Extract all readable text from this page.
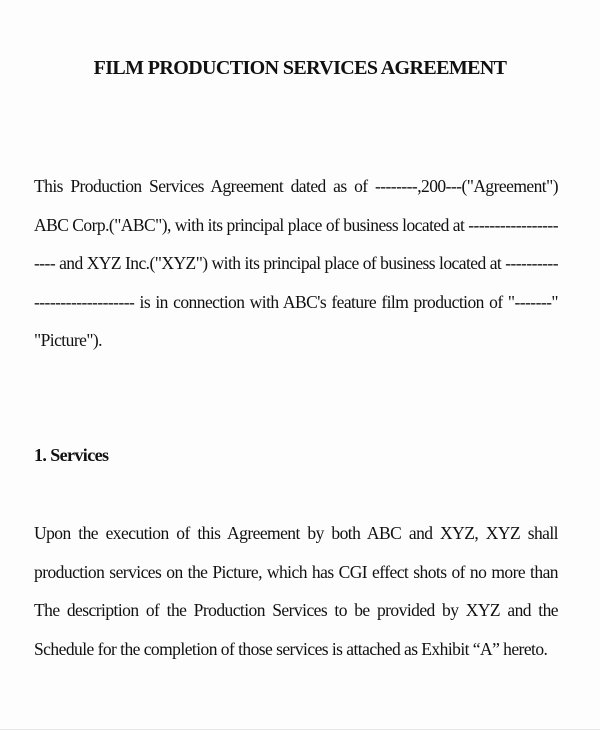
FILM PRODUCTION SERVICES AGREEMENT
This Production Services Agreement dated as of --------,200---("Agreement")
ABC Corp.("ABC"), with its principal place of business located at -----------------
---- and XYZ Inc.("XYZ") with its principal place of business located at ----------
------------------- is in connection with ABC's feature film production of "-------"
"Picture").
1. Services
Upon the execution of this Agreement by both ABC and XYZ, XYZ shall
production services on the Picture, which has CGI effect shots of no more than
The description of the Production Services to be provided by XYZ and the
Schedule for the completion of those services is attached as Exhibit “A” hereto.
